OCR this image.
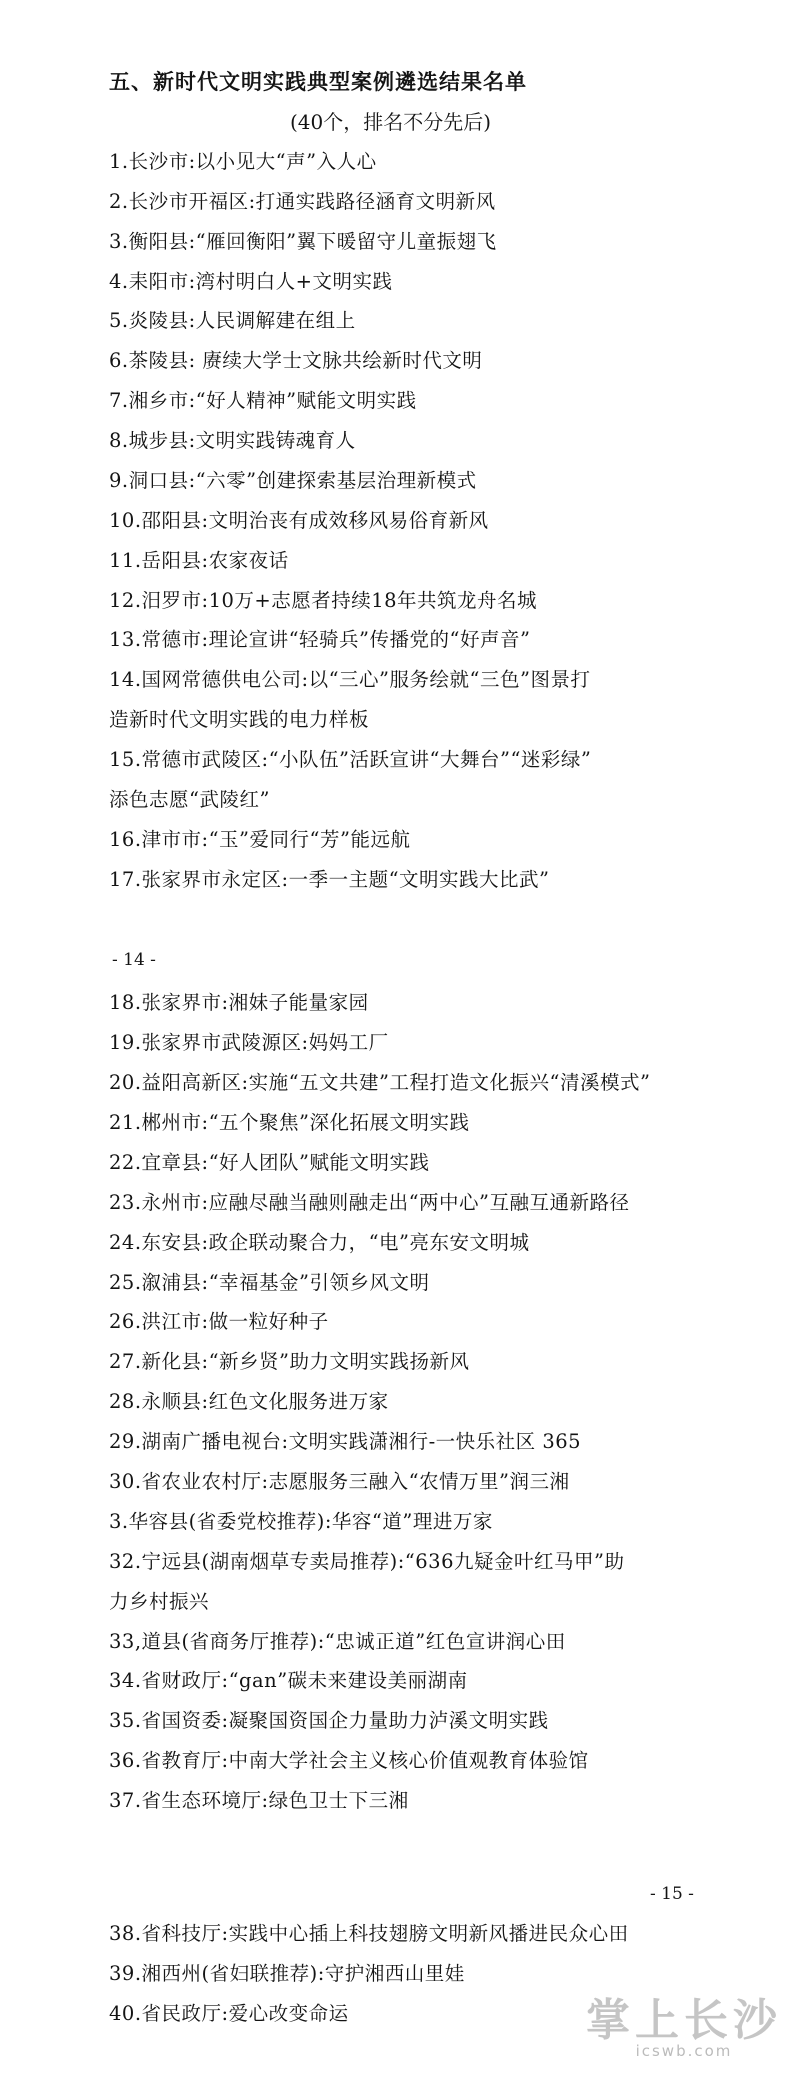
五、新时代文明实践典型案例遴选结果名单
(40个，排名不分先后)
1.长沙市:以小见大“声”入人心
2.长沙市开福区:打通实践路径涵育文明新风
3.衡阳县:“雁回衡阳”翼下暖留守儿童振翅飞
4.耒阳市:湾村明白人+文明实践
5.炎陵县:人民调解建在组上
6.茶陵县: 赓续大学士文脉共绘新时代文明
7.湘乡市:“好人精神”赋能文明实践
8.城步县:文明实践铸魂育人
9.洞口县:“六零”创建探索基层治理新模式
10.邵阳县:文明治丧有成效移风易俗育新风
11.岳阳县:农家夜话
12.汨罗市:10万+志愿者持续18年共筑龙舟名城
13.常德市:理论宣讲“轻骑兵”传播党的“好声音”
14.国网常德供电公司:以“三心”服务绘就“三色”图景打
造新时代文明实践的电力样板
15.常德市武陵区:“小队伍”活跃宣讲“大舞台”“迷彩绿”
添色志愿“武陵红”
16.津市市:“玉”爱同行“芳”能远航
17.张家界市永定区:一季一主题“文明实践大比武”
- 14 -
18.张家界市:湘妹子能量家园
19.张家界市武陵源区:妈妈工厂
20.益阳高新区:实施“五文共建”工程打造文化振兴“清溪模式”
21.郴州市:“五个聚焦”深化拓展文明实践
22.宜章县:“好人团队”赋能文明实践
23.永州市:应融尽融当融则融走出“两中心”互融互通新路径
24.东安县:政企联动聚合力，“电”亮东安文明城
25.溆浦县:“幸福基金”引领乡风文明
26.洪江市:做一粒好种子
27.新化县:“新乡贤”助力文明实践扬新风
28.永顺县:红色文化服务进万家
29.湖南广播电视台:文明实践潇湘行-一快乐社区 365
30.省农业农村厅:志愿服务三融入“农情万里”润三湘
3.华容县(省委党校推荐):华容“道”理进万家
32.宁远县(湖南烟草专卖局推荐):“636九疑金叶红马甲”助
力乡村振兴
33,道县(省商务厅推荐):“忠诚正道”红色宣讲润心田
34.省财政厅:“gan”碳未来建设美丽湖南
35.省国资委:凝聚国资国企力量助力泸溪文明实践
36.省教育厅:中南大学社会主义核心价值观教育体验馆
37.省生态环境厅:绿色卫士下三湘
- 15 -
38.省科技厅:实践中心插上科技翅膀文明新风播进民众心田
39.湘西州(省妇联推荐):守护湘西山里娃
40.省民政厅:爱心改变命运	掌上长沙
icswb.com
